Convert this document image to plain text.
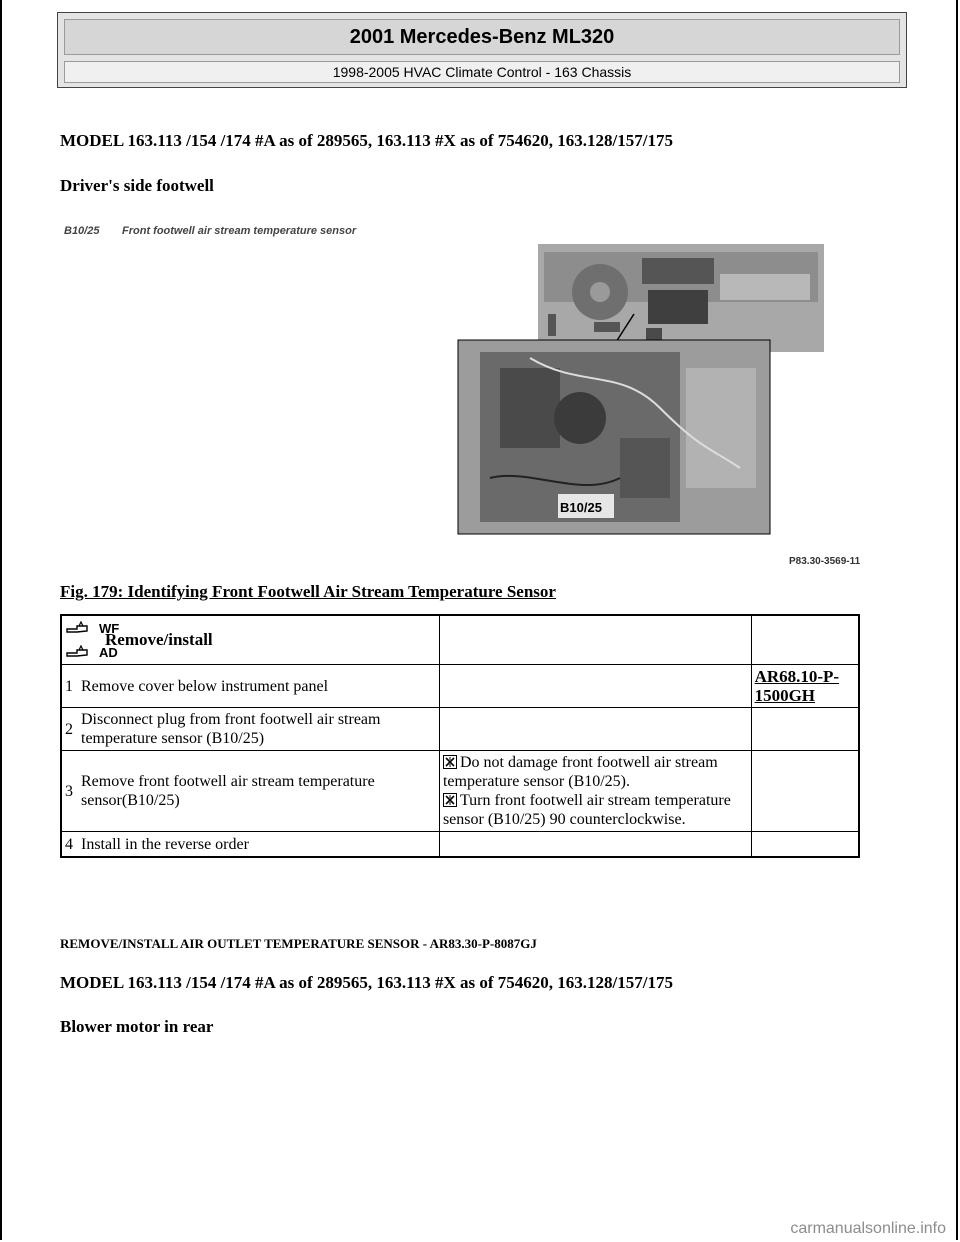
2001 Mercedes-Benz ML320
1998-2005 HVAC Climate Control - 163 Chassis
MODEL 163.113 /154 /174 #A as of 289565, 163.113 #X as of 754620, 163.128/157/175
Driver's side footwell
B10/25 Front footwell air stream temperature sensor
B10/25
P83.30-3569-11
Fig. 179: Identifying Front Footwell Air Stream Temperature Sensor
WF
AD
Remove/install		

1 Remove cover below instrument panel		AR68.10-P-1500GH
2 Disconnect plug from front footwell air stream temperature sensor (B10/25)		
3 Remove front footwell air stream temperature sensor(B10/25)	Do not damage front footwell air stream temperature sensor (B10/25).
Turn front footwell air stream temperature sensor (B10/25) 90 counterclockwise.	

4 Install in the reverse order		
REMOVE/INSTALL AIR OUTLET TEMPERATURE SENSOR - AR83.30-P-8087GJ
MODEL 163.113 /154 /174 #A as of 289565, 163.113 #X as of 754620, 163.128/157/175
Blower motor in rear
carmanualsonline.info
